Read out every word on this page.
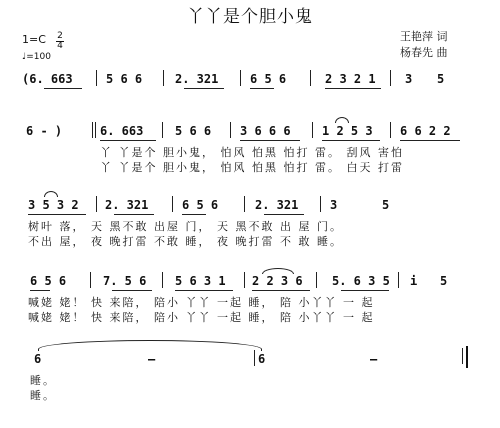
丫丫是个胆小鬼
王艳萍 词
杨春先 曲
1=C 2
4
♩=100
(6. 663	5 6 6	2. 321	6 5 6	2 3 2 1 3 5
6 - )	6. 663	5 6 6 3 6 6 6	1 2 5 3 6 6 2 2
丫 丫是个 胆小鬼， 怕风 怕黑 怕打 雷。 刮风 害怕
丫 丫是个 胆小鬼， 怕风 怕黑 怕打 雷。 白天 打雷
3 5 3 2 2. 321	6 5 6	2. 321	3	5
树叶 落， 天 黑不敢 出屋 门， 天 黑不敢 出 屋 门。
不出 屋， 夜 晚打雷 不敢 睡， 夜 晚打雷 不 敢 睡。
6 5 6	7. 5 6 5 6 3 1 2 2 3 6 5. 6 3 5 i 5
喊姥 姥！ 快 来陪， 陪小 丫丫 一起 睡， 陪 小丫丫 一 起
喊姥 姥！ 快 来陪， 陪小 丫丫 一起 睡， 陪 小丫丫 一 起
6	–	6	–
睡。
睡。
